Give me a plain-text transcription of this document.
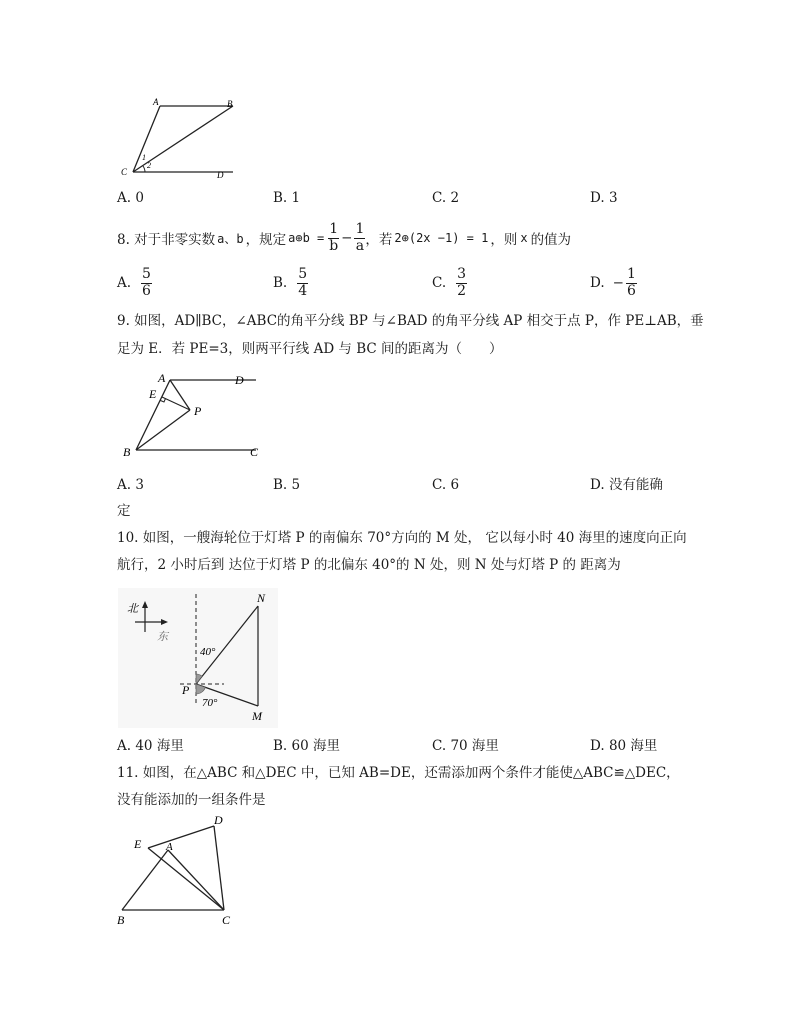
A	B
C	D
1
2
A. 0	B. 1	C. 2	D. 3
8. 对于非零实数 a、b ，规定 a⊕b = $\frac{1}{b} - \frac{1}{a}$ ，若 2⊕(2x −1) = 1 ，则 x 的值为
A. $\frac{5}{6}$	B. $\frac{5}{4}$	C. $\frac{3}{2}$	D. − $\frac{1}{6}$
9. 如图，AD∥BC，∠ABC的角平分线 BP 与∠BAD 的角平分线 AP 相交于点 P，作 PE⊥AB，垂
足为 E．若 PE=3，则两平行线 AD 与 BC 间的距离为（　　）
A	D
E
P
B	C
A. 3	B. 5	C. 6	D. 没有能确
定
10. 如图，一艘海轮位于灯塔 P 的南偏东 70°方向的 M 处， 它以每小时 40 海里的速度向正向
航行，2 小时后到 达位于灯塔 P 的北偏东 40°的 N 处，则 N 处与灯塔 P 的 距离为
北
东
40°
70°
N
M
P
A. 40 海里	B. 60 海里	C. 70 海里	D. 80 海里
11. 如图，在△ABC 和△DEC 中，已知 AB=DE，还需添加两个条件才能使△ABC≌△DEC，
没有能添加的一组条件是
D
E A
B	C
